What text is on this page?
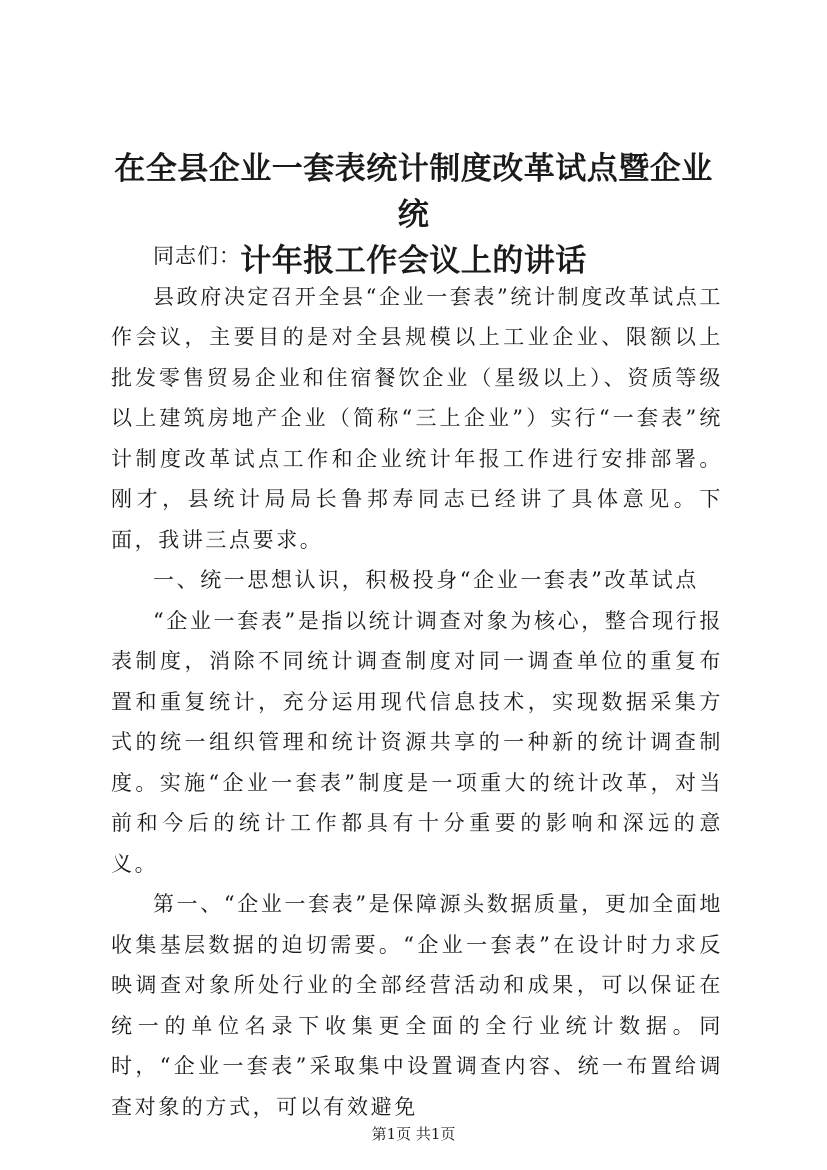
在全县企业一套表统计制度改革试点暨企业统
计年报工作会议上的讲话

同志们：

县政府决定召开全县“企业一套表”统计制度改革试点工作会议，主要目的是对全县规模以上工业企业、限额以上批发零售贸易企业和住宿餐饮企业（星级以上）、资质等级以上建筑房地产企业（简称“三上企业”）实行“一套表”统计制度改革试点工作和企业统计年报工作进行安排部署。刚才，县统计局局长鲁邦寿同志已经讲了具体意见。下面，我讲三点要求。

一、统一思想认识，积极投身“企业一套表”改革试点

“企业一套表”是指以统计调查对象为核心，整合现行报表制度，消除不同统计调查制度对同一调查单位的重复布置和重复统计，充分运用现代信息技术，实现数据采集方式的统一组织管理和统计资源共享的一种新的统计调查制度。实施“企业一套表”制度是一项重大的统计改革，对当前和今后的统计工作都具有十分重要的影响和深远的意义。

第一、“企业一套表”是保障源头数据质量，更加全面地收集基层数据的迫切需要。“企业一套表”在设计时力求反映调查对象所处行业的全部经营活动和成果，可以保证在统一的单位名录下收集更全面的全行业统计数据。同时，“企业一套表”采取集中设置调查内容、统一布置给调查对象的方式，可以有效避免

第1页 共1页
